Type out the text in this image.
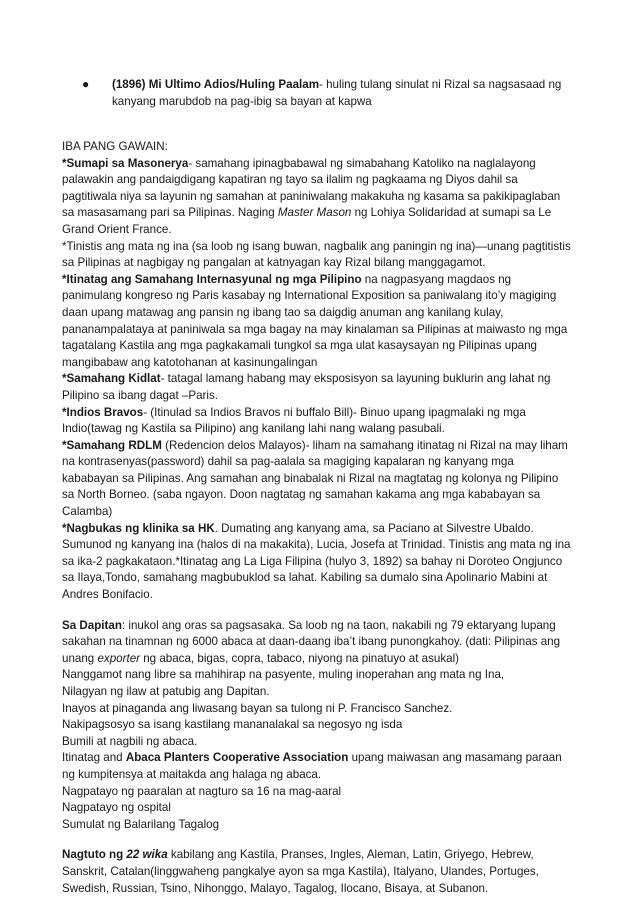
● (1896) Mi Ultimo Adios/Huling Paalam- huling tulang sinulat ni Rizal sa nagsasaad ng kanyang marubdob na pag-ibig sa bayan at kapwa

IBA PANG GAWAIN:

*Sumapi sa Masonerya- samahang ipinagbabawal ng simabahang Katoliko na naglalayong palawakin ang pandaigdigang kapatiran ng tayo sa ilalim ng pagkaama ng Diyos dahil sa pagtitiwala niya sa layunin ng samahan at paniniwalang makakuha ng kasama sa pakikipaglaban sa masasamang pari sa Pilipinas. Naging Master Mason ng Lohiya Solidaridad at sumapi sa Le Grand Orient France.

*Tinistis ang mata ng ina (sa loob ng isang buwan, nagbalik ang paningin ng ina)—unang pagtitistis sa Pilipinas at nagbigay ng pangalan at katnyagan kay Rizal bilang manggagamot.

*Itinatag ang Samahang Internasyunal ng mga Pilipino na nagpasyang magdaos ng panimulang kongreso ng Paris kasabay ng International Exposition sa paniwalang ito’y magiging daan upang matawag ang pansin ng ibang tao sa daigdig anuman ang kanilang kulay, pananampalataya at paniniwala sa mga bagay na may kinalaman sa Pilipinas at maiwasto ng mga tagatalang Kastila ang mga pagkakamali tungkol sa mga ulat kasaysayan ng Pilipinas upang mangibabaw ang katotohanan at kasinungalingan

*Samahang Kidlat- tatagal lamang habang may eksposisyon sa layuning buklurin ang lahat ng Pilipino sa ibang dagat –Paris.

*Indios Bravos- (Itinulad sa Indios Bravos ni buffalo Bill)- Binuo upang ipagmalaki ng mga Indio(tawag ng Kastila sa Pilipino) ang kanilang lahi nang walang pasubali.

*Samahang RDLM (Redencion delos Malayos)- liham na samahang itinatag ni Rizal na may liham na kontrasenyas(password) dahil sa pag-aalala sa magiging kapalaran ng kanyang mga kababayan sa Pilipinas. Ang samahan ang binabalak ni Rizal na magtatag ng kolonya ng Pilipino sa North Borneo. (saba ngayon. Doon nagtatag ng samahan kakama ang mga kababayan sa Calamba)

*Nagbukas ng klinika sa HK. Dumating ang kanyang ama, sa Paciano at Silvestre Ubaldo. Sumunod ng kanyang ina (halos di na makakita), Lucia, Josefa at Trinidad. Tinistis ang mata ng ina sa ika-2 pagkakataon.*Itinatag ang La Liga Filipina (hulyo 3, 1892) sa bahay ni Doroteo Ongjunco sa Ilaya,Tondo, samahang magbubuklod sa lahat. Kabiling sa dumalo sina Apolinario Mabini at Andres Bonifacio.

Sa Dapitan: inukol ang oras sa pagsasaka. Sa loob ng na taon, nakabili ng 79 ektaryang lupang sakahan na tinamnan ng 6000 abaca at daan-daang iba’t ibang punongkahoy. (dati: Pilipinas ang unang exporter ng abaca, bigas, copra, tabaco, niyong na pinatuyo at asukal)

Nanggamot nang libre sa mahihirap na pasyente, muling inoperahan ang mata ng Ina,

Nilagyan ng ilaw at patubig ang Dapitan.

Inayos at pinaganda ang liwasang bayan sa tulong ni P. Francisco Sanchez.

Nakipagsosyo sa isang kastilang mananalakal sa negosyo ng isda

Bumili at nagbili ng abaca.

Itinatag and Abaca Planters Cooperative Association upang maiwasan ang masamang paraan ng kumpitensya at maitakda ang halaga ng abaca.

Nagpatayo ng paaralan at nagturo sa 16 na mag-aaral

Nagpatayo ng ospital

Sumulat ng Balarilang Tagalog

Nagtuto ng 22 wika kabilang ang Kastila, Pranses, Ingles, Aleman, Latin, Griyego, Hebrew, Sanskrit, Catalan(linggwaheng pangkalye ayon sa mga Kastila), Italyano, Ulandes, Portuges, Swedish, Russian, Tsino, Nihonggo, Malayo, Tagalog, Ilocano, Bisaya, at Subanon.
